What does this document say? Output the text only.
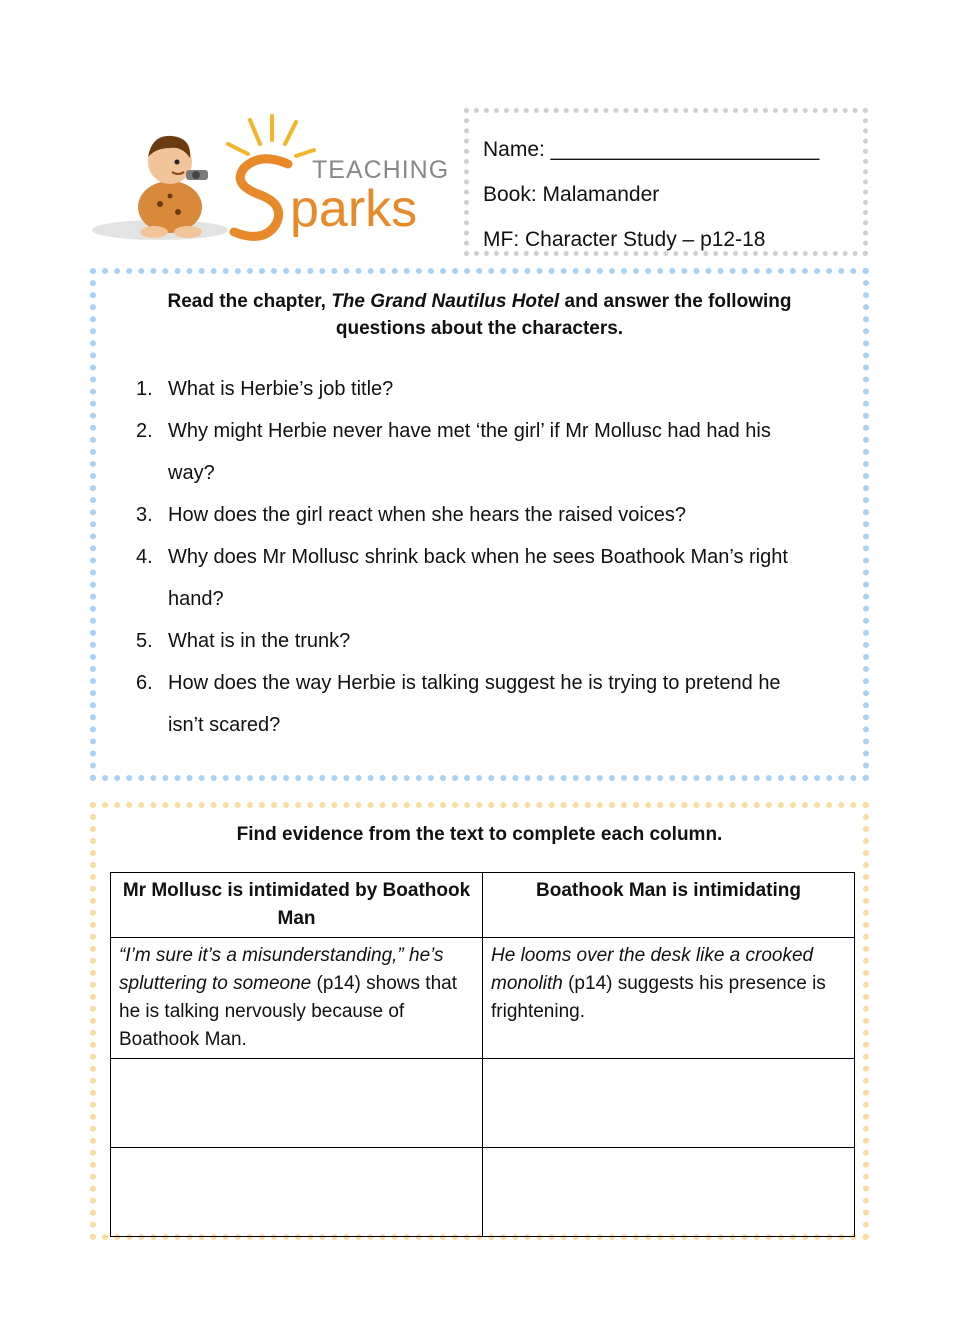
TEACHING
parks
Name: _______________________
Book: Malamander
MF: Character Study – p12-18
Read the chapter, The Grand Nautilus Hotel and answer the following questions about the characters.
1. What is Herbie’s job title?
2. Why might Herbie never have met ‘the girl’ if Mr Mollusc had had his way?
3. How does the girl react when she hears the raised voices?
4. Why does Mr Mollusc shrink back when he sees Boathook Man’s right hand?
5. What is in the trunk?
6. How does the way Herbie is talking suggest he is trying to pretend he isn’t scared?
Find evidence from the text to complete each column.
Mr Mollusc is intimidated by Boathook Man	Boathook Man is intimidating
“I’m sure it’s a misunderstanding,” he’s spluttering to someone (p14) shows that he is talking nervously because of Boathook Man.	He looms over the desk like a crooked monolith (p14) suggests his presence is frightening.
